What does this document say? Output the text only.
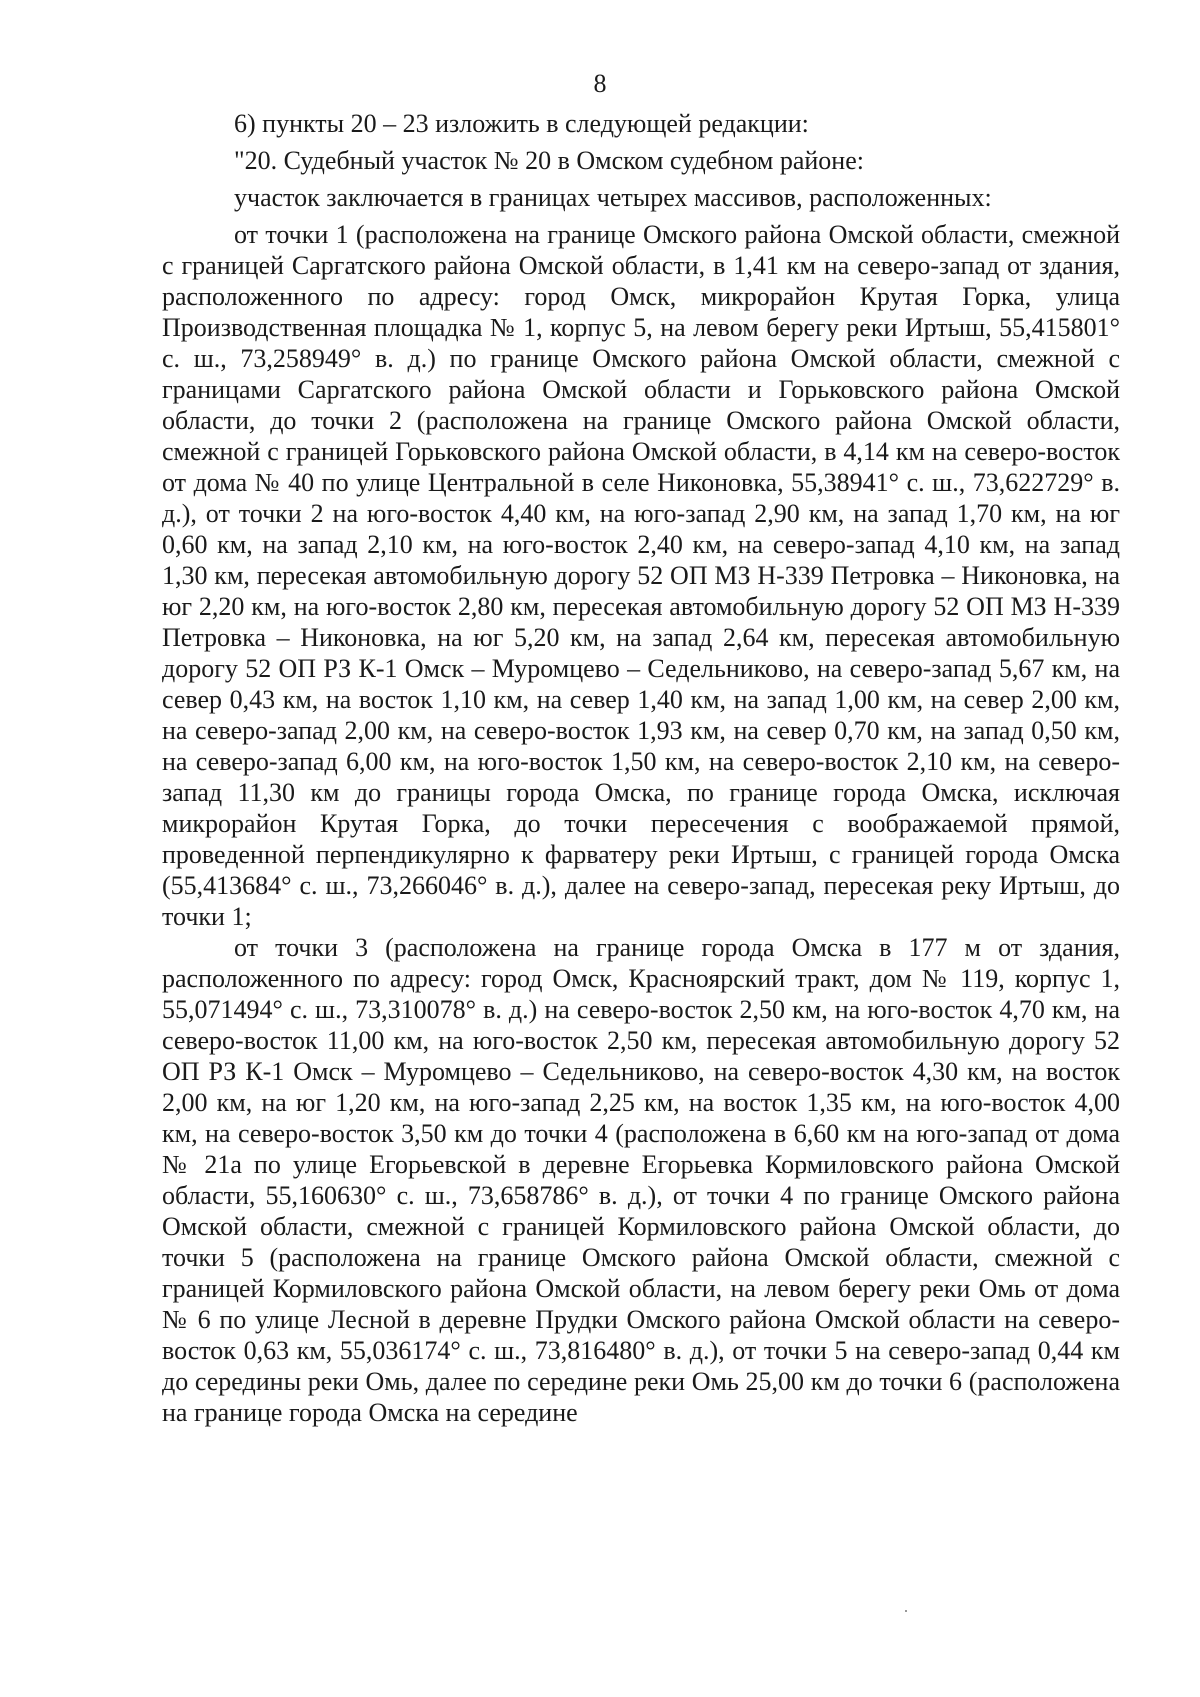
8

6) пункты 20 – 23 изложить в следующей редакции:

"20. Судебный участок № 20 в Омском судебном районе:

участок заключается в границах четырех массивов, расположенных:

от точки 1 (расположена на границе Омского района Омской области, смежной с границей Саргатского района Омской области, в 1,41 км на северо-запад от здания, расположенного по адресу: город Омск, микрорайон Крутая Горка, улица Производственная площадка № 1, корпус 5, на левом берегу реки Иртыш, 55,415801° с. ш., 73,258949° в. д.) по границе Омского района Омской области, смежной с границами Саргатского района Омской области и Горьковского района Омской области, до точки 2 (расположена на границе Омского района Омской области, смежной с границей Горьковского района Омской области, в 4,14 км на северо-восток от дома № 40 по улице Центральной в селе Никоновка, 55,38941° с. ш., 73,622729° в. д.), от точки 2 на юго-восток 4,40 км, на юго-запад 2,90 км, на запад 1,70 км, на юг 0,60 км, на запад 2,10 км, на юго-восток 2,40 км, на северо-запад 4,10 км, на запад 1,30 км, пересекая автомобильную дорогу 52 ОП МЗ Н-339 Петровка – Никоновка, на юг 2,20 км, на юго-восток 2,80 км, пересекая автомобильную дорогу 52 ОП МЗ Н-339 Петровка – Никоновка, на юг 5,20 км, на запад 2,64 км, пересекая автомобильную дорогу 52 ОП РЗ К-1 Омск – Муромцево – Седельниково, на северо-запад 5,67 км, на север 0,43 км, на восток 1,10 км, на север 1,40 км, на запад 1,00 км, на север 2,00 км, на северо-запад 2,00 км, на северо-восток 1,93 км, на север 0,70 км, на запад 0,50 км, на северо-запад 6,00 км, на юго-восток 1,50 км, на северо-восток 2,10 км, на северо-запад 11,30 км до границы города Омска, по границе города Омска, исключая микрорайон Крутая Горка, до точки пересечения с воображаемой прямой, проведенной перпендикулярно к фарватеру реки Иртыш, с границей города Омска (55,413684° с. ш., 73,266046° в. д.), далее на северо-запад, пересекая реку Иртыш, до точки 1;

от точки 3 (расположена на границе города Омска в 177 м от здания, расположенного по адресу: город Омск, Красноярский тракт, дом № 119, корпус 1, 55,071494° с. ш., 73,310078° в. д.) на северо-восток 2,50 км, на юго-восток 4,70 км, на северо-восток 11,00 км, на юго-восток 2,50 км, пересекая автомобильную дорогу 52 ОП РЗ К-1 Омск – Муромцево – Седельниково, на северо-восток 4,30 км, на восток 2,00 км, на юг 1,20 км, на юго-запад 2,25 км, на восток 1,35 км, на юго-восток 4,00 км, на северо-восток 3,50 км до точки 4 (расположена в 6,60 км на юго-запад от дома № 21а по улице Егорьевской в деревне Егорьевка Кормиловского района Омской области, 55,160630° с. ш., 73,658786° в. д.), от точки 4 по границе Омского района Омской области, смежной с границей Кормиловского района Омской области, до точки 5 (расположена на границе Омского района Омской области, смежной с границей Кормиловского района Омской области, на левом берегу реки Омь от дома № 6 по улице Лесной в деревне Прудки Омского района Омской области на северо-восток 0,63 км, 55,036174° с. ш., 73,816480° в. д.), от точки 5 на северо-запад 0,44 км до середины реки Омь, далее по середине реки Омь 25,00 км до точки 6 (расположена на границе города Омска на середине
